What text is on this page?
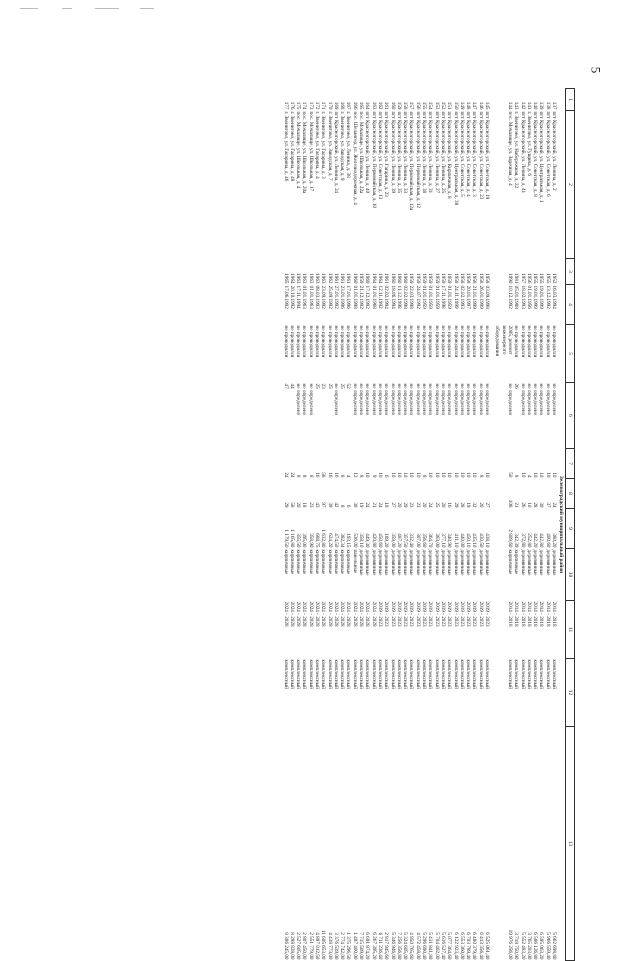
5
1	2	3	4	5	6	7	8	9	10	11	12	13
Зеленоградский муниципальный район												
137	пгт Красногорский, ул. Ленина, д. 2	1952	16.03.1994	не проводился	не определено	10	24	380,20	деревянные	2014 - 2018	комплексный	5 662 698,80
138	пгт Красногорский, ул. Советская, д. 6	1955	13.12.1992	не проводился	не определено	10	37	400,60	деревянные	2014 - 2018	комплексный	5 966 559,40
139	пгт Красногорский, ул. Центральная, д. 1	1955	19.01.1999	не проводился	не определено	10	30	442,80	деревянные	2014 - 2018	комплексный	6 595 063,20
140	пгт Красногорский, ул. Советская, д. 8	1955	19.01.1999	не проводился	не определено	10	28	442,20	деревянные	2014 - 2018	комплексный	6 586 126,80
141	г. Звенигово, ул. Гущина, д. 6	1956	01.01.1956	не проводился	не определено	4	10	252,80	деревянные	2014 - 2018	комплексный	3 765 203,00
142	пгт Красногорский, ул. Ленина, д. 41	1957	18.02.1993	не проводился	не определено	10	26	372,80	деревянные	2014 - 2018	комплексный	5 552 483,20
143	г. Звенигово, ул. Набережная, д. 22	1981	05.01.1988	не проводился	26	8	21	342,39	кирпичные	2014 - 2018	комплексный	3 718 750,90
144	пос. Мочалище, ул. Заречная, д. 4	1990	10.12.1992	2005, ремонт	не определено	50	108	2 809,60	кирпичные	2014 - 2018	комплексный	19 976 256,00
				инженерного								
				оборудования								

145	пгт Красногорский, ул. Советская, д. 19	1958	03.09.1998	не проводился	не определено	10	27	438,10	деревянные	2019 - 2023	комплексный	6 525 061,40
146	пгт Красногорский, ул. Советская, д. 23	1958	26.01.1999	не проводился	не определено	8	20	430,50	деревянные	2019 - 2023	комплексный	6 413 356,40
147	пгт Красногорский, ул. Советская, д. 3	1958	21.01.1999	не проводился	не определено	10	32	435,10	деревянные	2019 - 2023	комплексный	6 480 379,40
148	пгт Красногорский, ул. Советская, д. 4	1958	20.01.1997	не проводился	не определено	10	19	450,10	деревянные	2019 - 2023	комплексный	6 703 789,40
149	пгт Красногорский, ул. Советская, д. 5	1958	02.02.1993	не проводился	не определено	10	28	440,00	деревянные	2019 - 2023	комплексный	6 553 360,00
150	пгт Красногорский, ул. Центральная, д. 38	1958	24.11.1999	не проводился	не определено	10	29	411,10	деревянные	2019 - 2023	комплексный	6 122 923,40
151	пгт Красногорский, ул. Кирпичная, д. 8	1959	01.01.1959	не проводился	не определено	10	16	340,90	деревянные	2019 - 2023	комплексный	5 077 364,60
152	пгт Красногорский, ул. Ленина, д. 25	1959	17.11.1998	не проводился	не определено	10	20	377,10	деревянные	2019 - 2023	комплексный	5 616 527,40
153	пгт Красногорский, ул. Ленина, д. 27	1959	01.01.1959	не проводился	не определено	10	25	383,00	деревянные	2019 - 2023	комплексный	5 704 402,00
154	пгт Красногорский, ул. Ленина, д. 31	1959	01.01.1959	не проводился	не определено	10	24	364,70	деревянные	2019 - 2023	комплексный	5 431 841,80
155	пгт Красногорский, ул. Ленина, д. 38	1959	01.01.1959	не проводился	не определено	8	20	356,60	деревянные	2019 - 2023	комплексный	5 296 690,40
156	пгт Красногорский, ул. Первомайская, д. 12	1959	24.07.1992	не проводился	не определено	10	23	307,00	деревянные	2019 - 2023	комплексный	4 572 458,00
157	пгт Красногорский, ул. Первомайская, д. 12а	1959	22.03.1998	не проводился	не определено	10	23	332,40	деревянные	2019 - 2023	комплексный	4 950 765,60
158	пгт Красногорский, ул. Ленина, д. 33	1960	02.02.1998	не проводился	не определено	10	29	357,50	деревянные	2019 - 2023	комплексный	5 324 605,00
159	пгт Красногорский, ул. Ленина, д. 35	1960	11.12.1998	не проводился	не определено	10	20	487,20	деревянные	2019 - 2023	комплексный	7 256 356,80
160	пгт Красногорский, ул. Ленина, д. 39	1960	18.06.1994	не проводился	не определено	10	27	359,00	деревянные	2019 - 2023	комплексный	5 346 946,00
161	пгт Красногорский, ул. Гагарина, д. 23	1961	02.02.1994	не проводился	не определено	6	19	189,20	деревянные	2019 - 2023	комплексный	2 817 945,60
162	пгт Красногорский, ул. Советская, д. 13	1964	12.11.1992	не проводился	не определено	10	24	450,60	деревянные	2019 - 2023	комплексный	6 711 236,40
163	пгт Красногорский, ул. Первомайская, д. 10	1964	01.01.1968	не проводился	не определено	9	21	420,80	деревянные	2024 - 2028	комплексный	6 267 395,20
164	пгт Красногорский, ул. Ленина, д. 40	1969	17.12.1992	не проводился	не определено	10	24	449,30	деревянные	2024 - 2028	комплексный	6 691 874,20
165	пос. Мочалище, ул. Школьная, д. 22а	1959	21.12.1992	не проводился	не определено	8	19	358,10	деревянные	2024 - 2028	комплексный	7 715 509,00
166	пос. Шелангер, ул. Железнодорожная, д. 4	1960	01.01.1998	не проводился	не определено	12	30	536,00	панельные	2024 - 2028	комплексный	1 487 400,00
167	г. Звенигово, ул. Ленина, д. 38	1961	17.01.1996	не проводился	52	4	6	193,15	кирпичные	2024 - 2028	комплексный	1 375 296,50
168	г. Звенигово, ул. Заводская, д. 9	1961	23.01.1996	не проводился	25	8	8	382,34	кирпичные	2024 - 2028	комплексный	2 774 742,00
169	пгт Красногорский, ул. Ленина, д. 24	1961	27.01.1992	не проводился	не определено	16	42	474,50	кирпичные	2024 - 2028	комплексный	3 376 539,00
170	г. Звенигово, ул. Заводская, д. 7	1962	25.09.1992	не проводился	25	16	39	624,20	кирпичные	2024 - 2028	комплексный	4 438 773,00
171	г. Звенигово, ул. Гагарина, д. 3	1963	23.09.1992	не проводился	23	58	97	1 632,80	кирпичные	2024 - 2028	комплексный	11 605 653,00
172	г. Звенигово, ул. Гагарина, д. 4	1963	08.03.1993	не проводился	25	16	43	688,75	кирпичные	2024 - 2028	комплексный	4 897 012,50
173	пос. Мочалище, ул. Школьная, д. 17	1963	01.01.1963	не проводился	не определено	8	23	358,90	кирпичные	2024 - 2028	комплексный	2 551 779,00
174	пос. Мочалище, ул. Школьная, д. 20а	1963	01.01.1963	не проводился	не определено	8	18	395,00	кирпичные	2024 - 2028	комплексный	2 807 450,00
175	пос. Мочалище, ул. Школьная, д. 4	1963	17.11.1994	не проводился	не определено	8	20	355,50	кирпичные	2024 - 2028	комплексный	2 527 605,00
176	г. Звенигово, ул. Гагарина, д. 48	1964	20.10.1992	не проводился	44	24	58	1 165,80	кирпичные	2024 - 2028	комплексный	8 288 838,00
177	г. Звенигово, ул. Гагарина, д. 46	1965	17.06.1992	не проводился	47	24	29	1 179,50	кирпичные	2024 - 2028	комплексный	8 386 245,00
